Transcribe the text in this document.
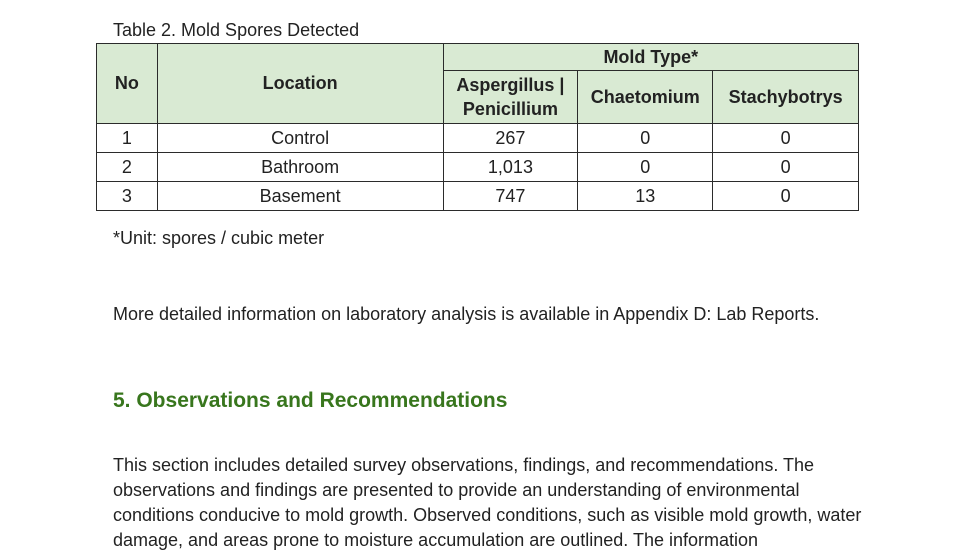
Table 2. Mold Spores Detected
No	Location	Mold Type*		
		Aspergillus | Penicillium	Chaetomium	Stachybotrys
1	Control	267	0	0
2	Bathroom	1,013	0	0
3	Basement	747	13	0
*Unit: spores / cubic meter
More detailed information on laboratory analysis is available in Appendix D: Lab Reports.
5. Observations and Recommendations
This section includes detailed survey observations, findings, and recommendations. The observations and findings are presented to provide an understanding of environmental conditions conducive to mold growth. Observed conditions, such as visible mold growth, water damage, and areas prone to moisture accumulation are outlined. The information
